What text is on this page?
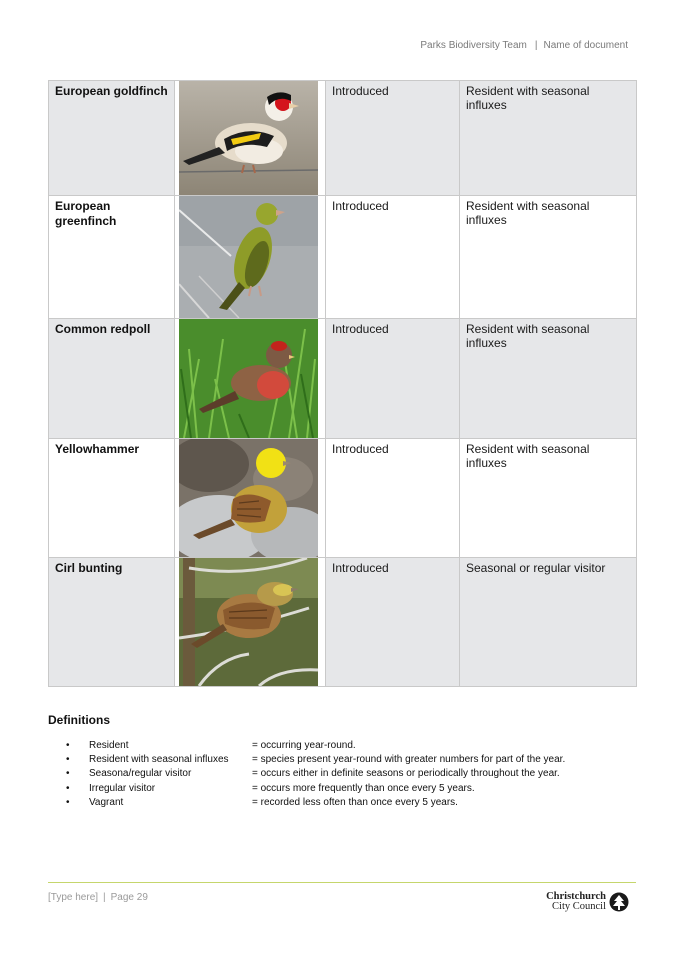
Parks Biodiversity Team | Name of document
European goldfinch		Introduced	Resident with seasonal influxes
European greenfinch		Introduced	Resident with seasonal influxes
Common redpoll		Introduced	Resident with seasonal influxes
Yellowhammer		Introduced	Resident with seasonal influxes
Cirl bunting		Introduced	Seasonal or regular visitor
Definitions
• Resident	= occurring year-round.
• Resident with seasonal influxes = species present year-round with greater numbers for part of the year.
• Seasona/regular visitor	= occurs either in definite seasons or periodically throughout the year.
• Irregular visitor	= occurs more frequently than once every 5 years.
• Vagrant	= recorded less often than once every 5 years.
[Type here] | Page 29	Christchurch
City Council
